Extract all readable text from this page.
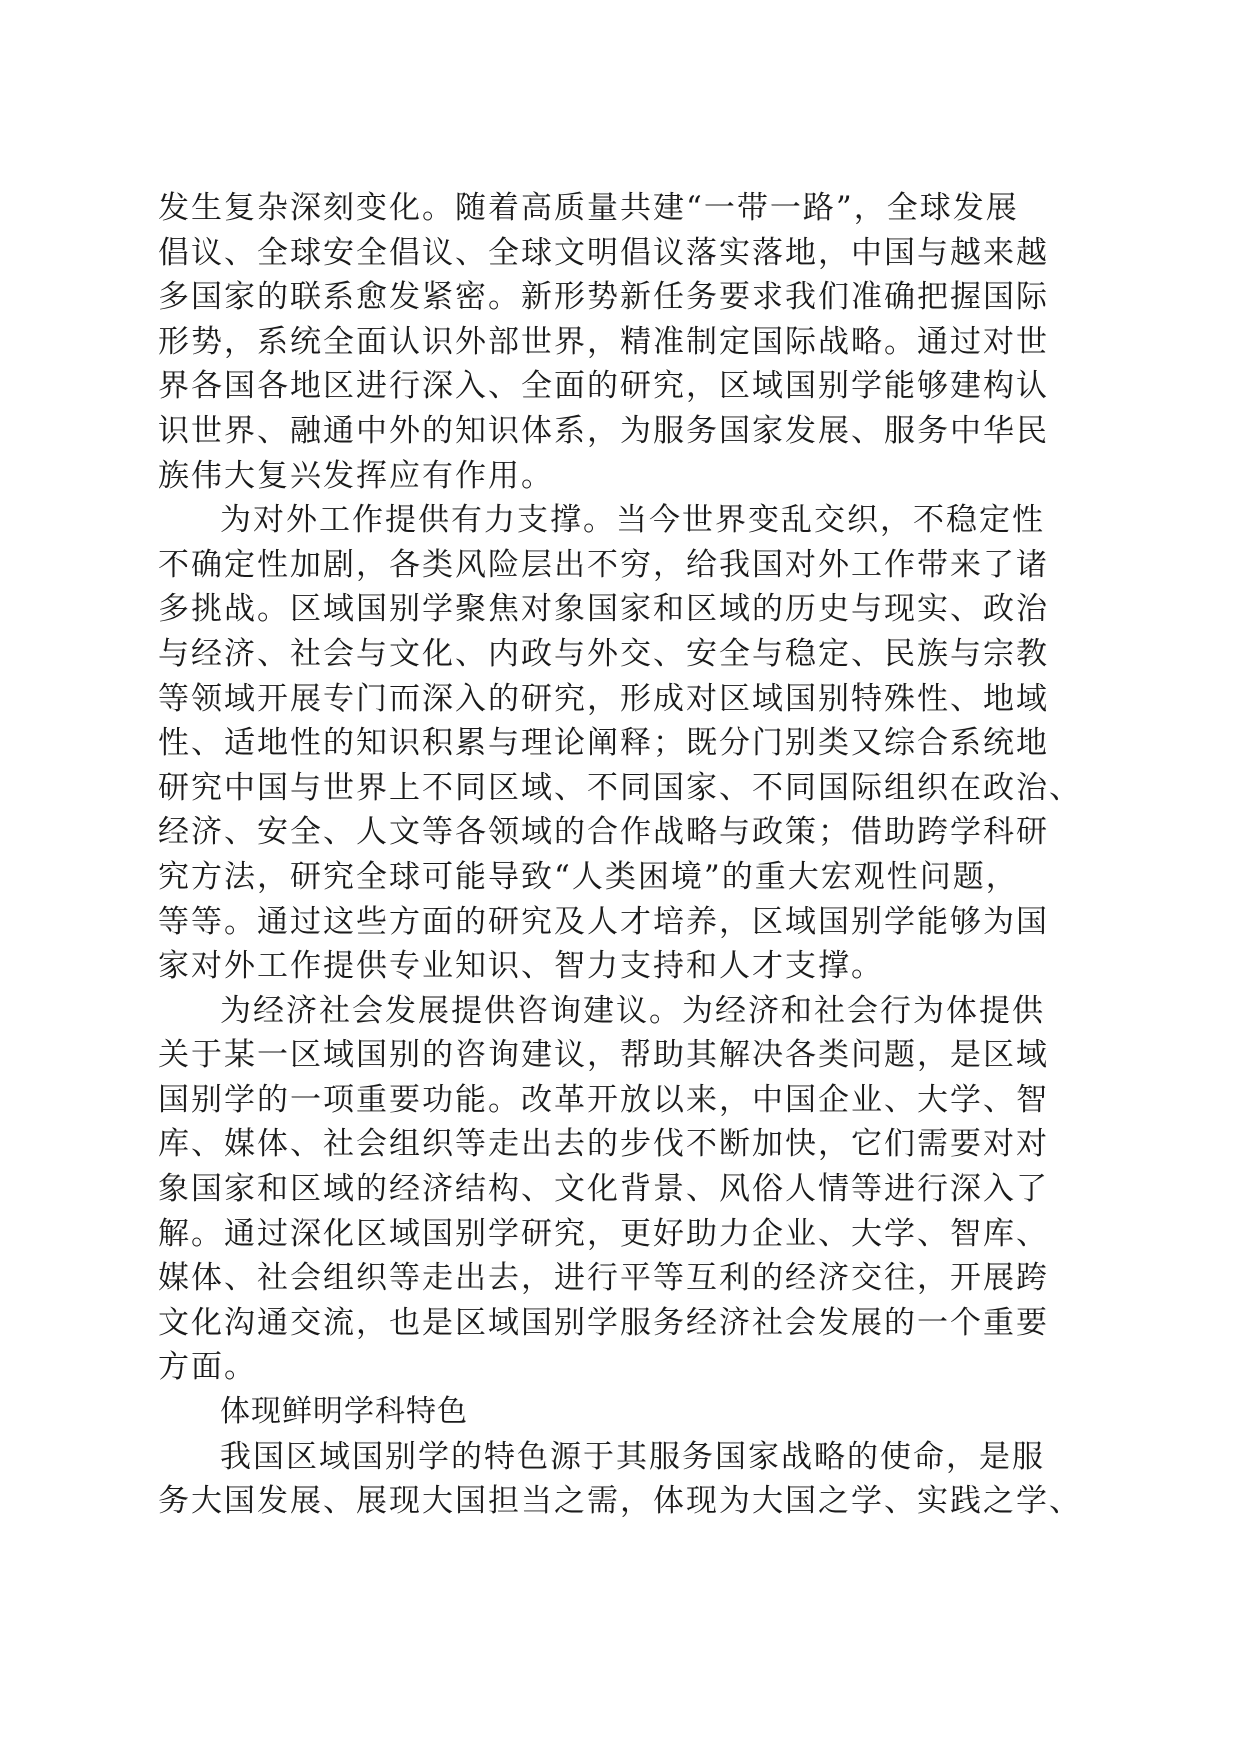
发生复杂深刻变化。随着高质量共建“一带一路”，全球发展
倡议、全球安全倡议、全球文明倡议落实落地，中国与越来越
多国家的联系愈发紧密。新形势新任务要求我们准确把握国际
形势，系统全面认识外部世界，精准制定国际战略。通过对世
界各国各地区进行深入、全面的研究，区域国别学能够建构认
识世界、融通中外的知识体系，为服务国家发展、服务中华民
族伟大复兴发挥应有作用。
为对外工作提供有力支撑。当今世界变乱交织，不稳定性
不确定性加剧，各类风险层出不穷，给我国对外工作带来了诸
多挑战。区域国别学聚焦对象国家和区域的历史与现实、政治
与经济、社会与文化、内政与外交、安全与稳定、民族与宗教
等领域开展专门而深入的研究，形成对区域国别特殊性、地域
性、适地性的知识积累与理论阐释；既分门别类又综合系统地
研究中国与世界上不同区域、不同国家、不同国际组织在政治、
经济、安全、人文等各领域的合作战略与政策；借助跨学科研
究方法，研究全球可能导致“人类困境”的重大宏观性问题，
等等。通过这些方面的研究及人才培养，区域国别学能够为国
家对外工作提供专业知识、智力支持和人才支撑。
为经济社会发展提供咨询建议。为经济和社会行为体提供
关于某一区域国别的咨询建议，帮助其解决各类问题，是区域
国别学的一项重要功能。改革开放以来，中国企业、大学、智
库、媒体、社会组织等走出去的步伐不断加快，它们需要对对
象国家和区域的经济结构、文化背景、风俗人情等进行深入了
解。通过深化区域国别学研究，更好助力企业、大学、智库、
媒体、社会组织等走出去，进行平等互利的经济交往，开展跨
文化沟通交流，也是区域国别学服务经济社会发展的一个重要
方面。
体现鲜明学科特色
我国区域国别学的特色源于其服务国家战略的使命，是服
务大国发展、展现大国担当之需，体现为大国之学、实践之学、
